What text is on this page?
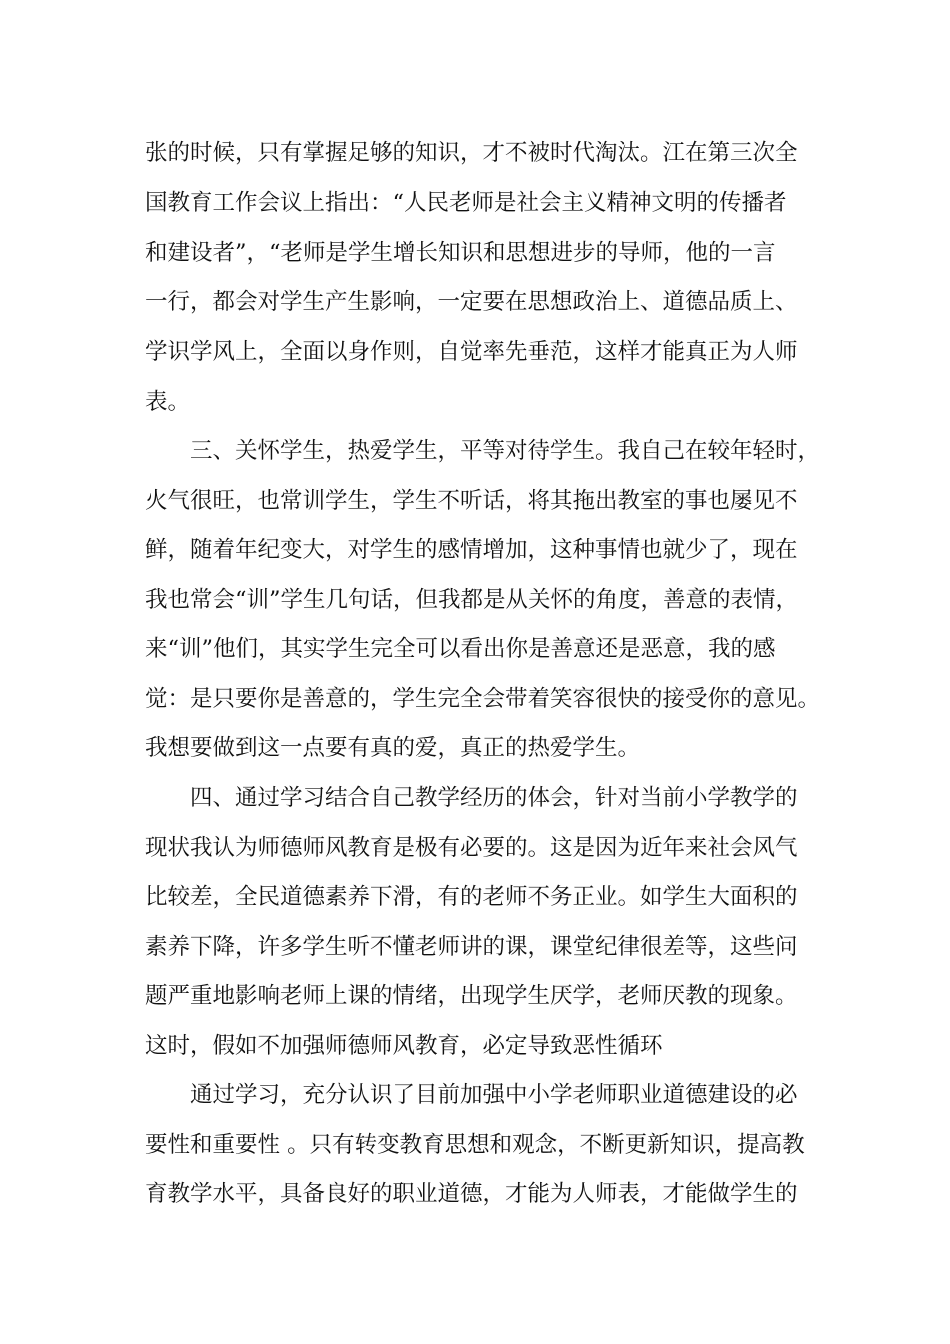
张的时候，只有掌握足够的知识，才不被时代淘汰。江在第三次全
国教育工作会议上指出：“人民老师是社会主义精神文明的传播者
和建设者”，“老师是学生增长知识和思想进步的导师，他的一言
一行，都会对学生产生影响，一定要在思想政治上、道德品质上、
学识学风上，全面以身作则，自觉率先垂范，这样才能真正为人师
表。
三、关怀学生，热爱学生，平等对待学生。我自己在较年轻时，
火气很旺，也常训学生，学生不听话，将其拖出教室的事也屡见不
鲜，随着年纪变大，对学生的感情增加，这种事情也就少了，现在
我也常会“训”学生几句话，但我都是从关怀的角度，善意的表情，
来“训”他们，其实学生完全可以看出你是善意还是恶意，我的感
觉：是只要你是善意的，学生完全会带着笑容很快的接受你的意见。
我想要做到这一点要有真的爱，真正的热爱学生。
四、通过学习结合自己教学经历的体会，针对当前小学教学的
现状我认为师德师风教育是极有必要的。这是因为近年来社会风气
比较差，全民道德素养下滑，有的老师不务正业。如学生大面积的
素养下降，许多学生听不懂老师讲的课，课堂纪律很差等，这些问
题严重地影响老师上课的情绪，出现学生厌学，老师厌教的现象。
这时，假如不加强师德师风教育，必定导致恶性循环
通过学习，充分认识了目前加强中小学老师职业道德建设的必
要性和重要性 。只有转变教育思想和观念，不断更新知识，提高教
育教学水平，具备良好的职业道德，才能为人师表，才能做学生的
